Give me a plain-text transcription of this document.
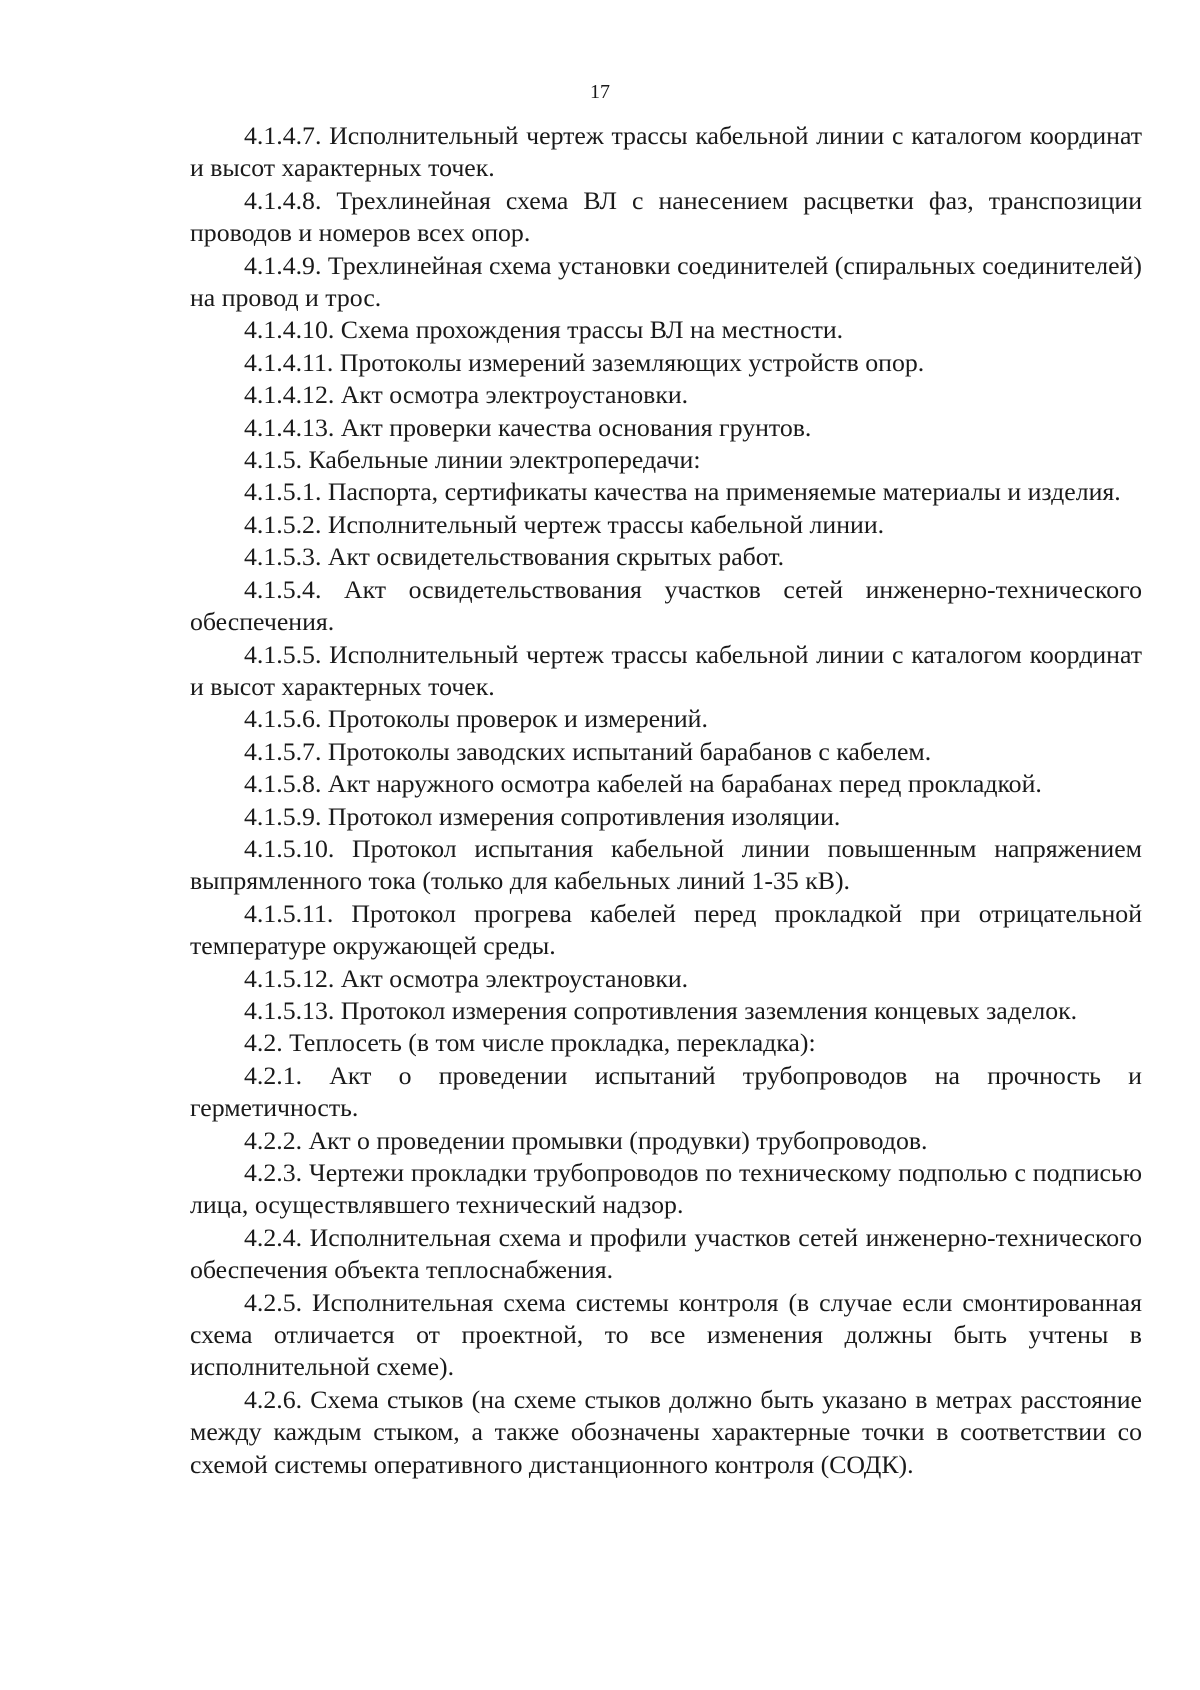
17

4.1.4.7. Исполнительный чертеж трассы кабельной линии с каталогом координат и высот характерных точек.

4.1.4.8. Трехлинейная схема ВЛ с нанесением расцветки фаз, транспозиции проводов и номеров всех опор.

4.1.4.9. Трехлинейная схема установки соединителей (спиральных соединителей) на провод и трос.

4.1.4.10. Схема прохождения трассы ВЛ на местности.

4.1.4.11. Протоколы измерений заземляющих устройств опор.

4.1.4.12. Акт осмотра электроустановки.

4.1.4.13. Акт проверки качества основания грунтов.

4.1.5. Кабельные линии электропередачи:

4.1.5.1. Паспорта, сертификаты качества на применяемые материалы и изделия.

4.1.5.2. Исполнительный чертеж трассы кабельной линии.

4.1.5.3. Акт освидетельствования скрытых работ.

4.1.5.4. Акт освидетельствования участков сетей инженерно-технического обеспечения.

4.1.5.5. Исполнительный чертеж трассы кабельной линии с каталогом координат и высот характерных точек.

4.1.5.6. Протоколы проверок и измерений.

4.1.5.7. Протоколы заводских испытаний барабанов с кабелем.

4.1.5.8. Акт наружного осмотра кабелей на барабанах перед прокладкой.

4.1.5.9. Протокол измерения сопротивления изоляции.

4.1.5.10. Протокол испытания кабельной линии повышенным напряжением выпрямленного тока (только для кабельных линий 1-35 кВ).

4.1.5.11. Протокол прогрева кабелей перед прокладкой при отрицательной температуре окружающей среды.

4.1.5.12. Акт осмотра электроустановки.

4.1.5.13. Протокол измерения сопротивления заземления концевых заделок.

4.2. Теплосеть (в том числе прокладка, перекладка):

4.2.1. Акт о проведении испытаний трубопроводов на прочность и герметичность.

4.2.2. Акт о проведении промывки (продувки) трубопроводов.

4.2.3. Чертежи прокладки трубопроводов по техническому подполью с подписью лица, осуществлявшего технический надзор.

4.2.4. Исполнительная схема и профили участков сетей инженерно-технического обеспечения объекта теплоснабжения.

4.2.5. Исполнительная схема системы контроля (в случае если смонтированная схема отличается от проектной, то все изменения должны быть учтены в исполнительной схеме).

4.2.6. Схема стыков (на схеме стыков должно быть указано в метрах расстояние между каждым стыком, а также обозначены характерные точки в соответствии со схемой системы оперативного дистанционного контроля (СОДК).
